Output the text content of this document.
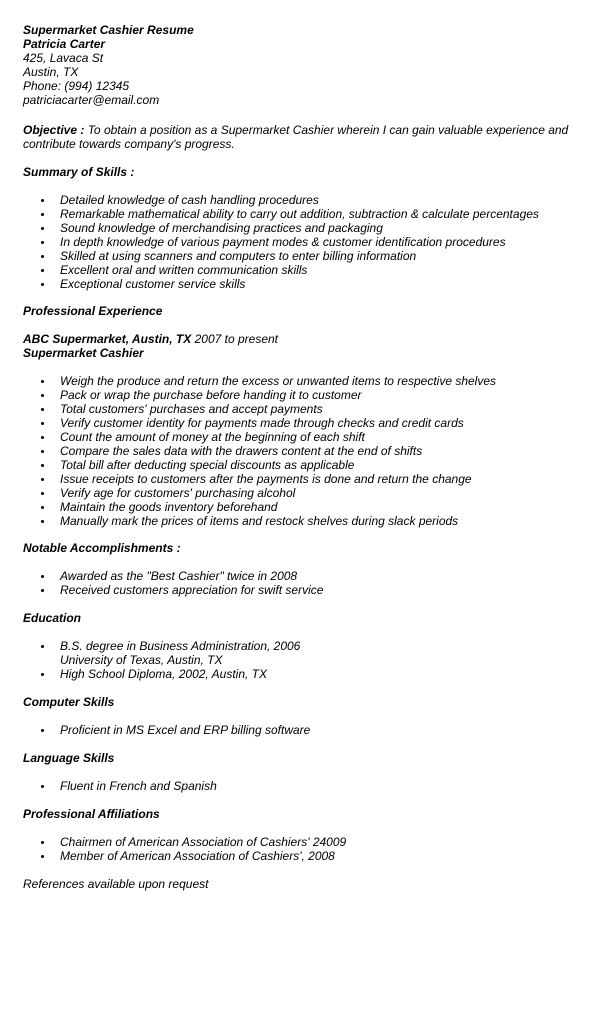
Supermarket Cashier Resume

Patricia Carter

425, Lavaca St

Austin, TX

Phone: (994) 12345

patriciacarter@email.com

Objective : To obtain a position as a Supermarket Cashier wherein I can gain valuable experience and contribute towards company's progress.

Summary of Skills :

Detailed knowledge of cash handling procedures
Remarkable mathematical ability to carry out addition, subtraction & calculate percentages
Sound knowledge of merchandising practices and packaging
In depth knowledge of various payment modes & customer identification procedures
Skilled at using scanners and computers to enter billing information
Excellent oral and written communication skills
Exceptional customer service skills

Professional Experience

ABC Supermarket, Austin, TX 2007 to present

Supermarket Cashier

Weigh the produce and return the excess or unwanted items to respective shelves
Pack or wrap the purchase before handing it to customer
Total customers' purchases and accept payments
Verify customer identity for payments made through checks and credit cards
Count the amount of money at the beginning of each shift
Compare the sales data with the drawers content at the end of shifts
Total bill after deducting special discounts as applicable
Issue receipts to customers after the payments is done and return the change
Verify age for customers' purchasing alcohol
Maintain the goods inventory beforehand
Manually mark the prices of items and restock shelves during slack periods

Notable Accomplishments :

Awarded as the "Best Cashier" twice in 2008
Received customers appreciation for swift service

Education

B.S. degree in Business Administration, 2006
University of Texas, Austin, TX
High School Diploma, 2002, Austin, TX

Computer Skills

Proficient in MS Excel and ERP billing software

Language Skills

Fluent in French and Spanish

Professional Affiliations

Chairmen of American Association of Cashiers' 24009
Member of American Association of Cashiers', 2008

References available upon request
